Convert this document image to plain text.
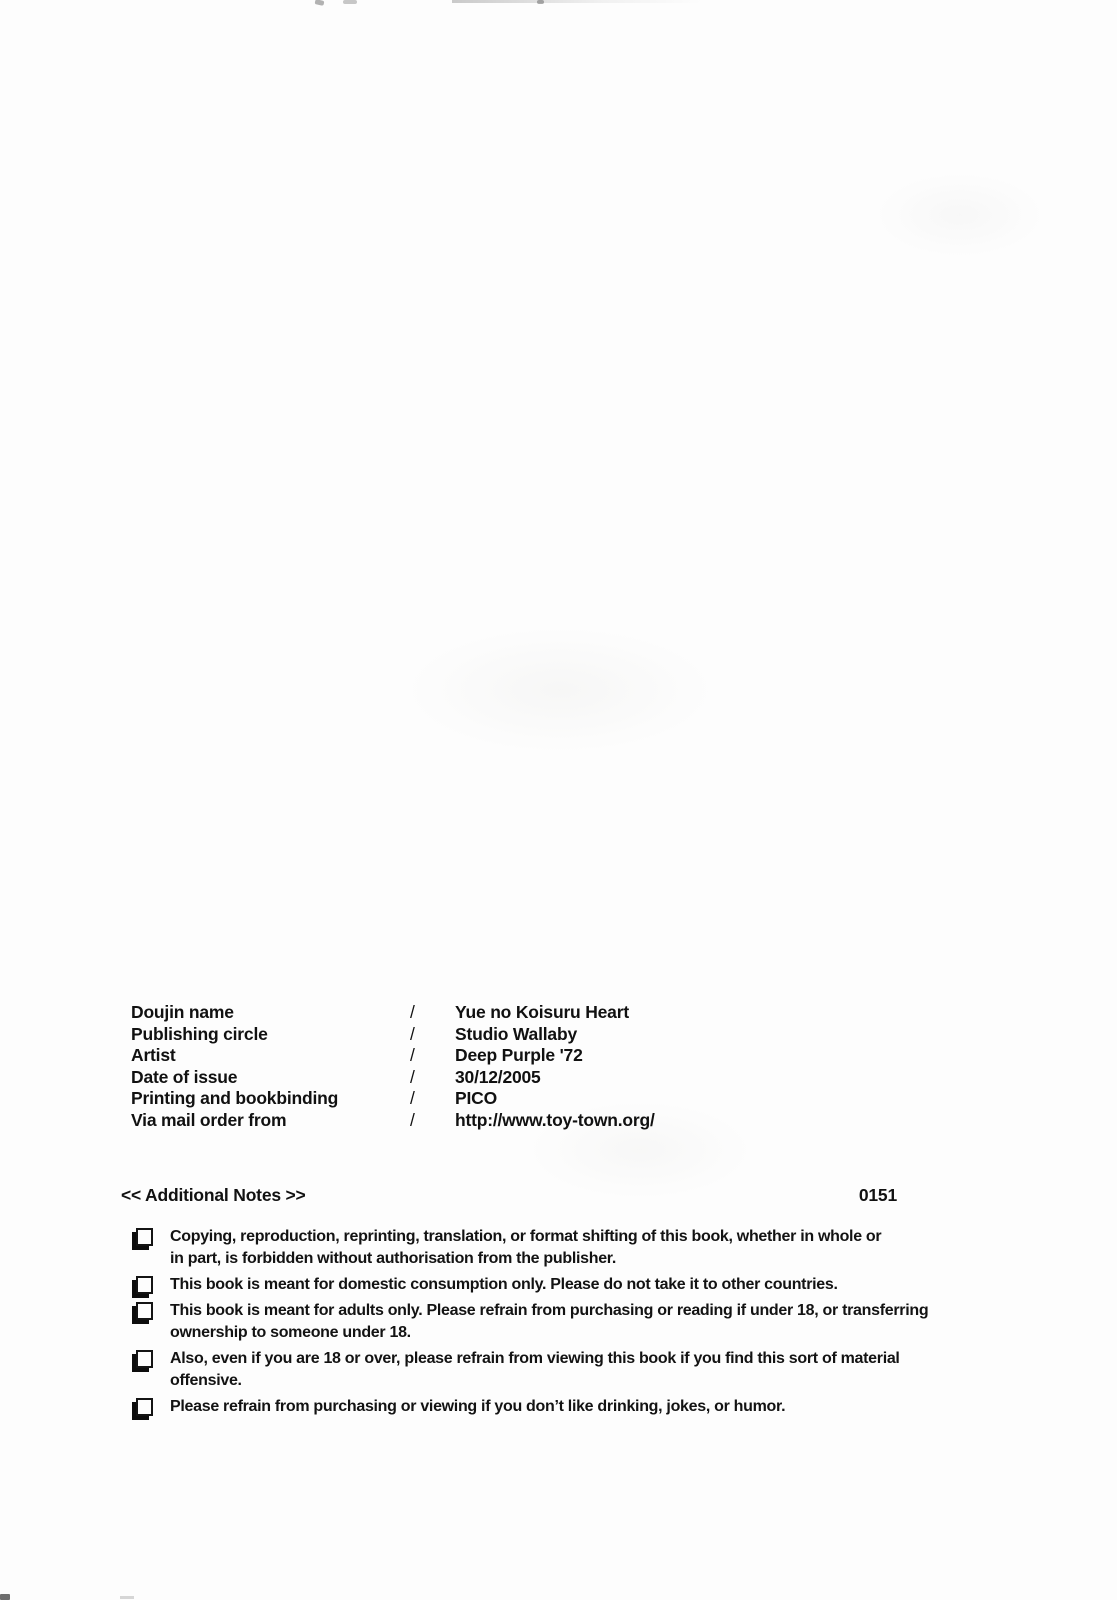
Doujin name	/	Yue no Koisuru Heart
Publishing circle	/	Studio Wallaby
Artist	/	Deep Purple '72
Date of issue	/	30/12/2005
Printing and bookbinding	/	PICO
Via mail order from	/	http://www.toy-town.org/
<< Additional Notes >>	0151
Copying, reproduction, reprinting, translation, or format shifting of this book, whether in whole or
in part, is forbidden without authorisation from the publisher.
This book is meant for domestic consumption only. Please do not take it to other countries.
This book is meant for adults only. Please refrain from purchasing or reading if under 18, or transferring
ownership to someone under 18.
Also, even if you are 18 or over, please refrain from viewing this book if you find this sort of material
offensive.
Please refrain from purchasing or viewing if you don’t like drinking, jokes, or humor.
